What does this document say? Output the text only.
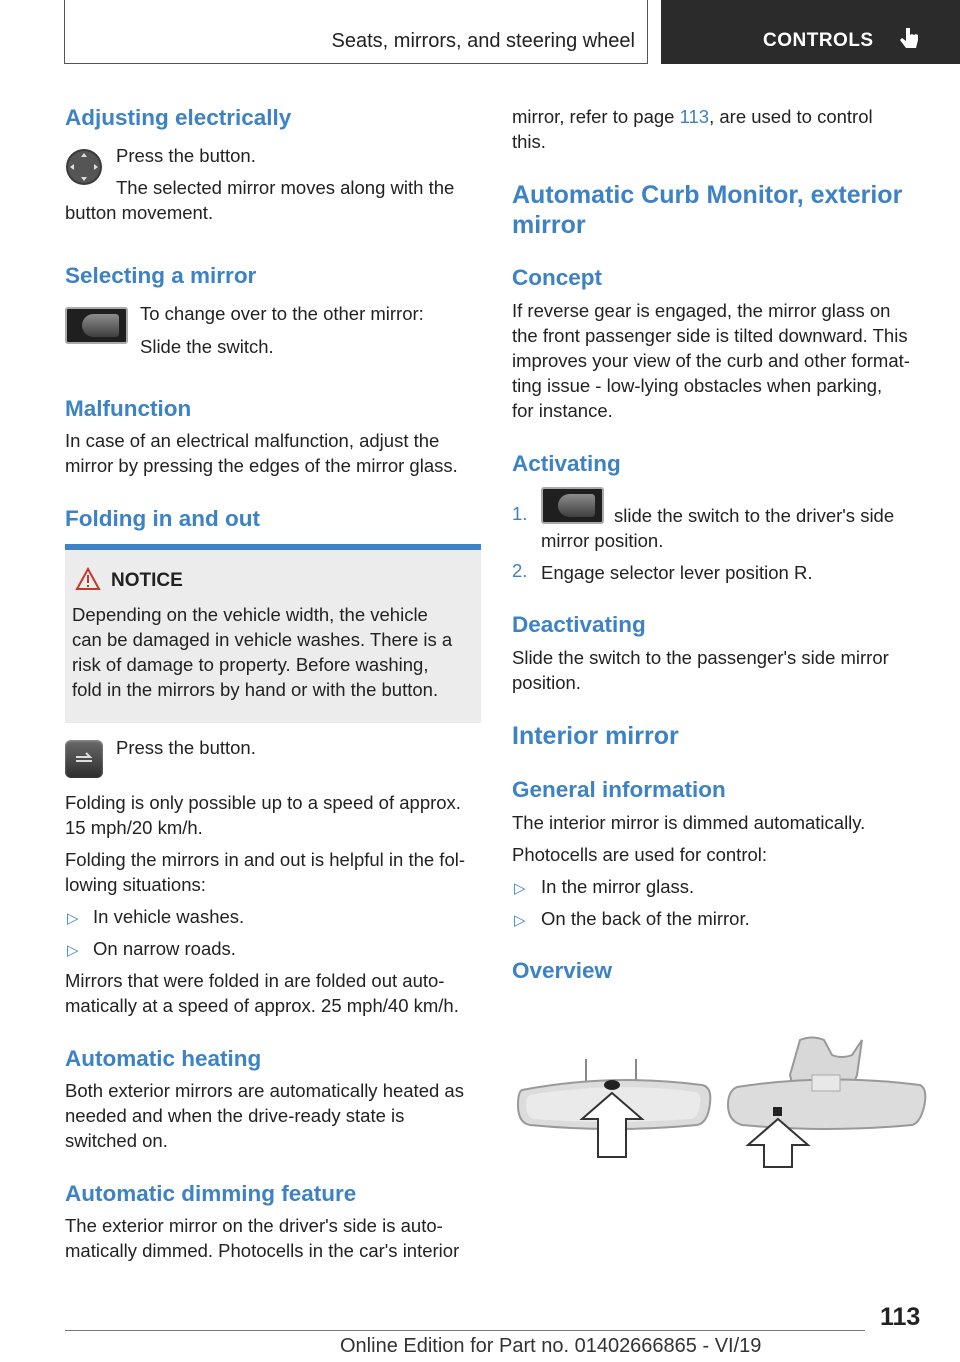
Seats, mirrors, and steering wheel	CONTROLS
Adjusting electrically

Press the button.

The selected mirror moves along with the

button movement.

Selecting a mirror

To change over to the other mirror:

Slide the switch.

Malfunction

In case of an electrical malfunction, adjust the

mirror by pressing the edges of the mirror glass.

Folding in and out
NOTICE

Depending on the vehicle width, the vehicle

can be damaged in vehicle washes. There is a

risk of damage to property. Before washing,

fold in the mirrors by hand or with the button.

Press the button.

Folding is only possible up to a speed of approx.

15 mph/20 km/h.

Folding the mirrors in and out is helpful in the fol‐

lowing situations:

▷ In vehicle washes.

▷ On narrow roads.

Mirrors that were folded in are folded out auto‐

matically at a speed of approx. 25 mph/40 km/h.

Automatic heating

Both exterior mirrors are automatically heated as

needed and when the drive-ready state is

switched on.

Automatic dimming feature

The exterior mirror on the driver's side is auto‐

matically dimmed. Photocells in the car's interior

mirror, refer to page 113, are used to control

this.

Automatic Curb Monitor, exterior
mirror
Concept

If reverse gear is engaged, the mirror glass on

the front passenger side is tilted downward. This

improves your view of the curb and other format‐

ting issue - low-lying obstacles when parking,

for instance.

Activating
1.	slide the switch to the driver's side

mirror position.

2. Engage selector lever position R.

Deactivating

Slide the switch to the passenger's side mirror

position.

Interior mirror
General information

The interior mirror is dimmed automatically.

Photocells are used for control:

▷ In the mirror glass.

▷ On the back of the mirror.

Overview
113
Online Edition for Part no. 01402666865 - VI/19
